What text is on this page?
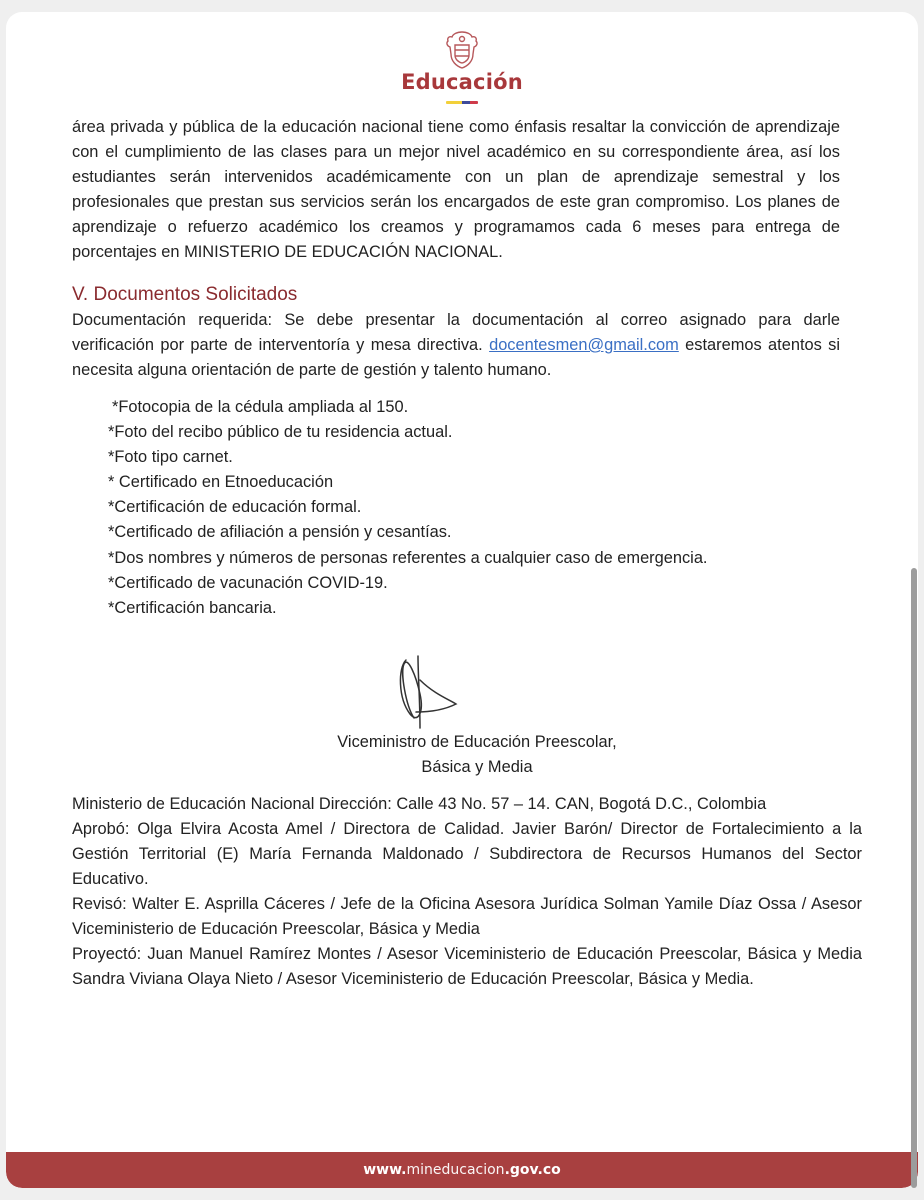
Educación

área privada y pública de la educación nacional tiene como énfasis resaltar la convicción de aprendizaje con el cumplimiento de las clases para un mejor nivel académico en su correspondiente área, así los estudiantes serán intervenidos académicamente con un plan de aprendizaje semestral y los profesionales que prestan sus servicios serán los encargados de este gran compromiso. Los planes de aprendizaje o refuerzo académico los creamos y programamos cada 6 meses para entrega de porcentajes en MINISTERIO DE EDUCACIÓN NACIONAL.

V. Documentos Solicitados

Documentación requerida: Se debe presentar la documentación al correo asignado para darle verificación por parte de interventoría y mesa directiva. docentesmen@gmail.com estaremos atentos si necesita alguna orientación de parte de gestión y talento humano.

*Fotocopia de la cédula ampliada al 150.
*Foto del recibo público de tu residencia actual.
*Foto tipo carnet.
* Certificado en Etnoeducación
*Certificación de educación formal.
*Certificado de afiliación a pensión y cesantías.
*Dos nombres y números de personas referentes a cualquier caso de emergencia.
*Certificado de vacunación COVID-19.
*Certificación bancaria.
Viceministro de Educación Preescolar,
Básica y Media

Ministerio de Educación Nacional Dirección: Calle 43 No. 57 – 14. CAN, Bogotá D.C., Colombia

Aprobó: Olga Elvira Acosta Amel / Directora de Calidad. Javier Barón/ Director de Fortalecimiento a la Gestión Territorial (E) María Fernanda Maldonado / Subdirectora de Recursos Humanos del Sector Educativo.

Revisó: Walter E. Asprilla Cáceres / Jefe de la Oficina Asesora Jurídica Solman Yamile Díaz Ossa / Asesor Viceministerio de Educación Preescolar, Básica y Media

Proyectó: Juan Manuel Ramírez Montes / Asesor Viceministerio de Educación Preescolar, Básica y Media Sandra Viviana Olaya Nieto / Asesor Viceministerio de Educación Preescolar, Básica y Media.

www.mineducacion.gov.co
